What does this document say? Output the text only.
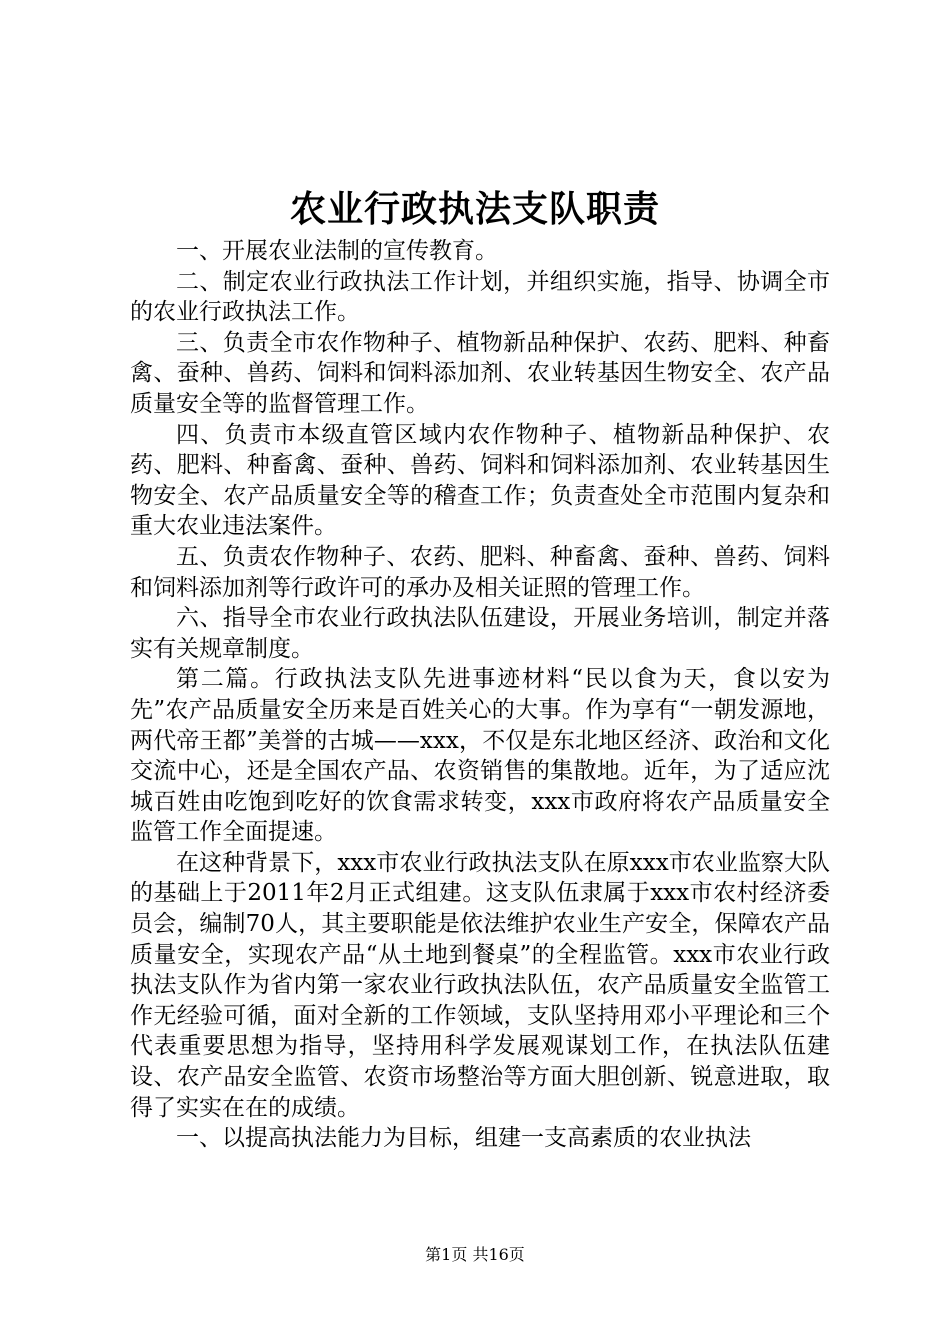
农业行政执法支队职责

一、开展农业法制的宣传教育。

二、制定农业行政执法工作计划，并组织实施，指导、协调全市的农业行政执法工作。

三、负责全市农作物种子、植物新品种保护、农药、肥料、种畜禽、蚕种、兽药、饲料和饲料添加剂、农业转基因生物安全、农产品质量安全等的监督管理工作。

四、负责市本级直管区域内农作物种子、植物新品种保护、农药、肥料、种畜禽、蚕种、兽药、饲料和饲料添加剂、农业转基因生物安全、农产品质量安全等的稽查工作；负责查处全市范围内复杂和重大农业违法案件。

五、负责农作物种子、农药、肥料、种畜禽、蚕种、兽药、饲料和饲料添加剂等行政许可的承办及相关证照的管理工作。

六、指导全市农业行政执法队伍建设，开展业务培训，制定并落实有关规章制度。

第二篇。行政执法支队先进事迹材料“民以食为天，食以安为先”农产品质量安全历来是百姓关心的大事。作为享有“一朝发源地，两代帝王都”美誉的古城——xxx，不仅是东北地区经济、政治和文化交流中心，还是全国农产品、农资销售的集散地。近年，为了适应沈城百姓由吃饱到吃好的饮食需求转变，xxx市政府将农产品质量安全监管工作全面提速。

在这种背景下，xxx市农业行政执法支队在原xxx市农业监察大队的基础上于2011年2月正式组建。这支队伍隶属于xxx市农村经济委员会，编制70人，其主要职能是依法维护农业生产安全，保障农产品质量安全，实现农产品“从土地到餐桌”的全程监管。xxx市农业行政执法支队作为省内第一家农业行政执法队伍，农产品质量安全监管工作无经验可循，面对全新的工作领域，支队坚持用邓小平理论和三个代表重要思想为指导，坚持用科学发展观谋划工作，在执法队伍建设、农产品安全监管、农资市场整治等方面大胆创新、锐意进取，取得了实实在在的成绩。

一、以提高执法能力为目标，组建一支高素质的农业执法

第1页 共16页
